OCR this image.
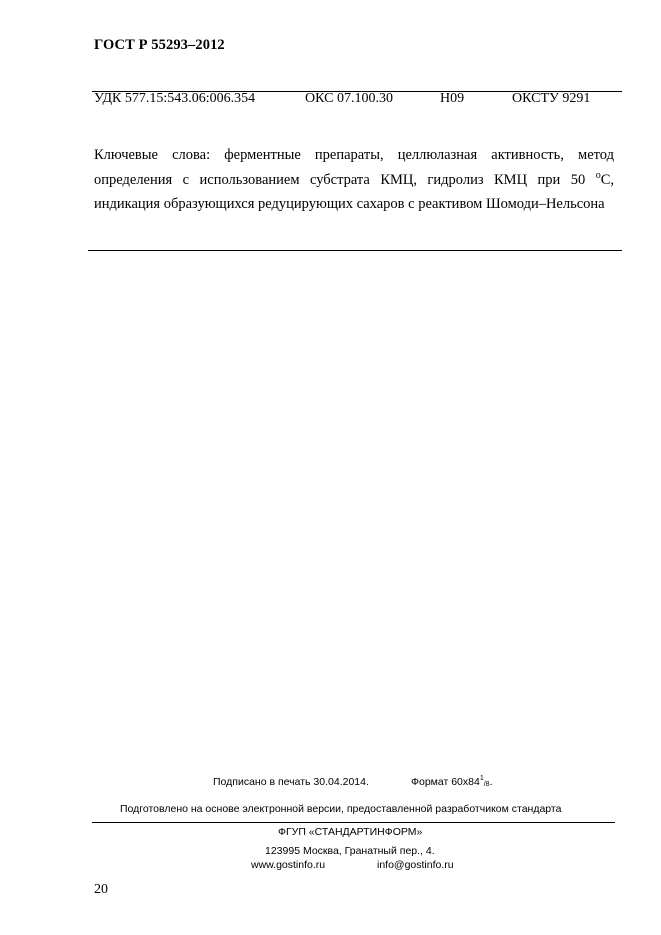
ГОСТ Р 55293–2012
УДК 577.15:543.06:006.354	ОКС 07.100.30	Н09	ОКСТУ 9291
Ключевые слова: ферментные препараты, целлюлазная активность, метод определения с использованием субстрата КМЦ, гидролиз КМЦ при 50 $^о$С, индикация образующихся редуцирующих сахаров с реактивом Шомоди–Нельсона
Подписано в печать 30.04.2014.	Формат $60x84^1_{/8}$.
Подготовлено на основе электронной версии, предоставленной разработчиком стандарта
ФГУП «СТАНДАРТИНФОРМ»
123995 Москва, Гранатный пер., 4.
www.gostinfo.ru	info@gostinfo.ru
20
